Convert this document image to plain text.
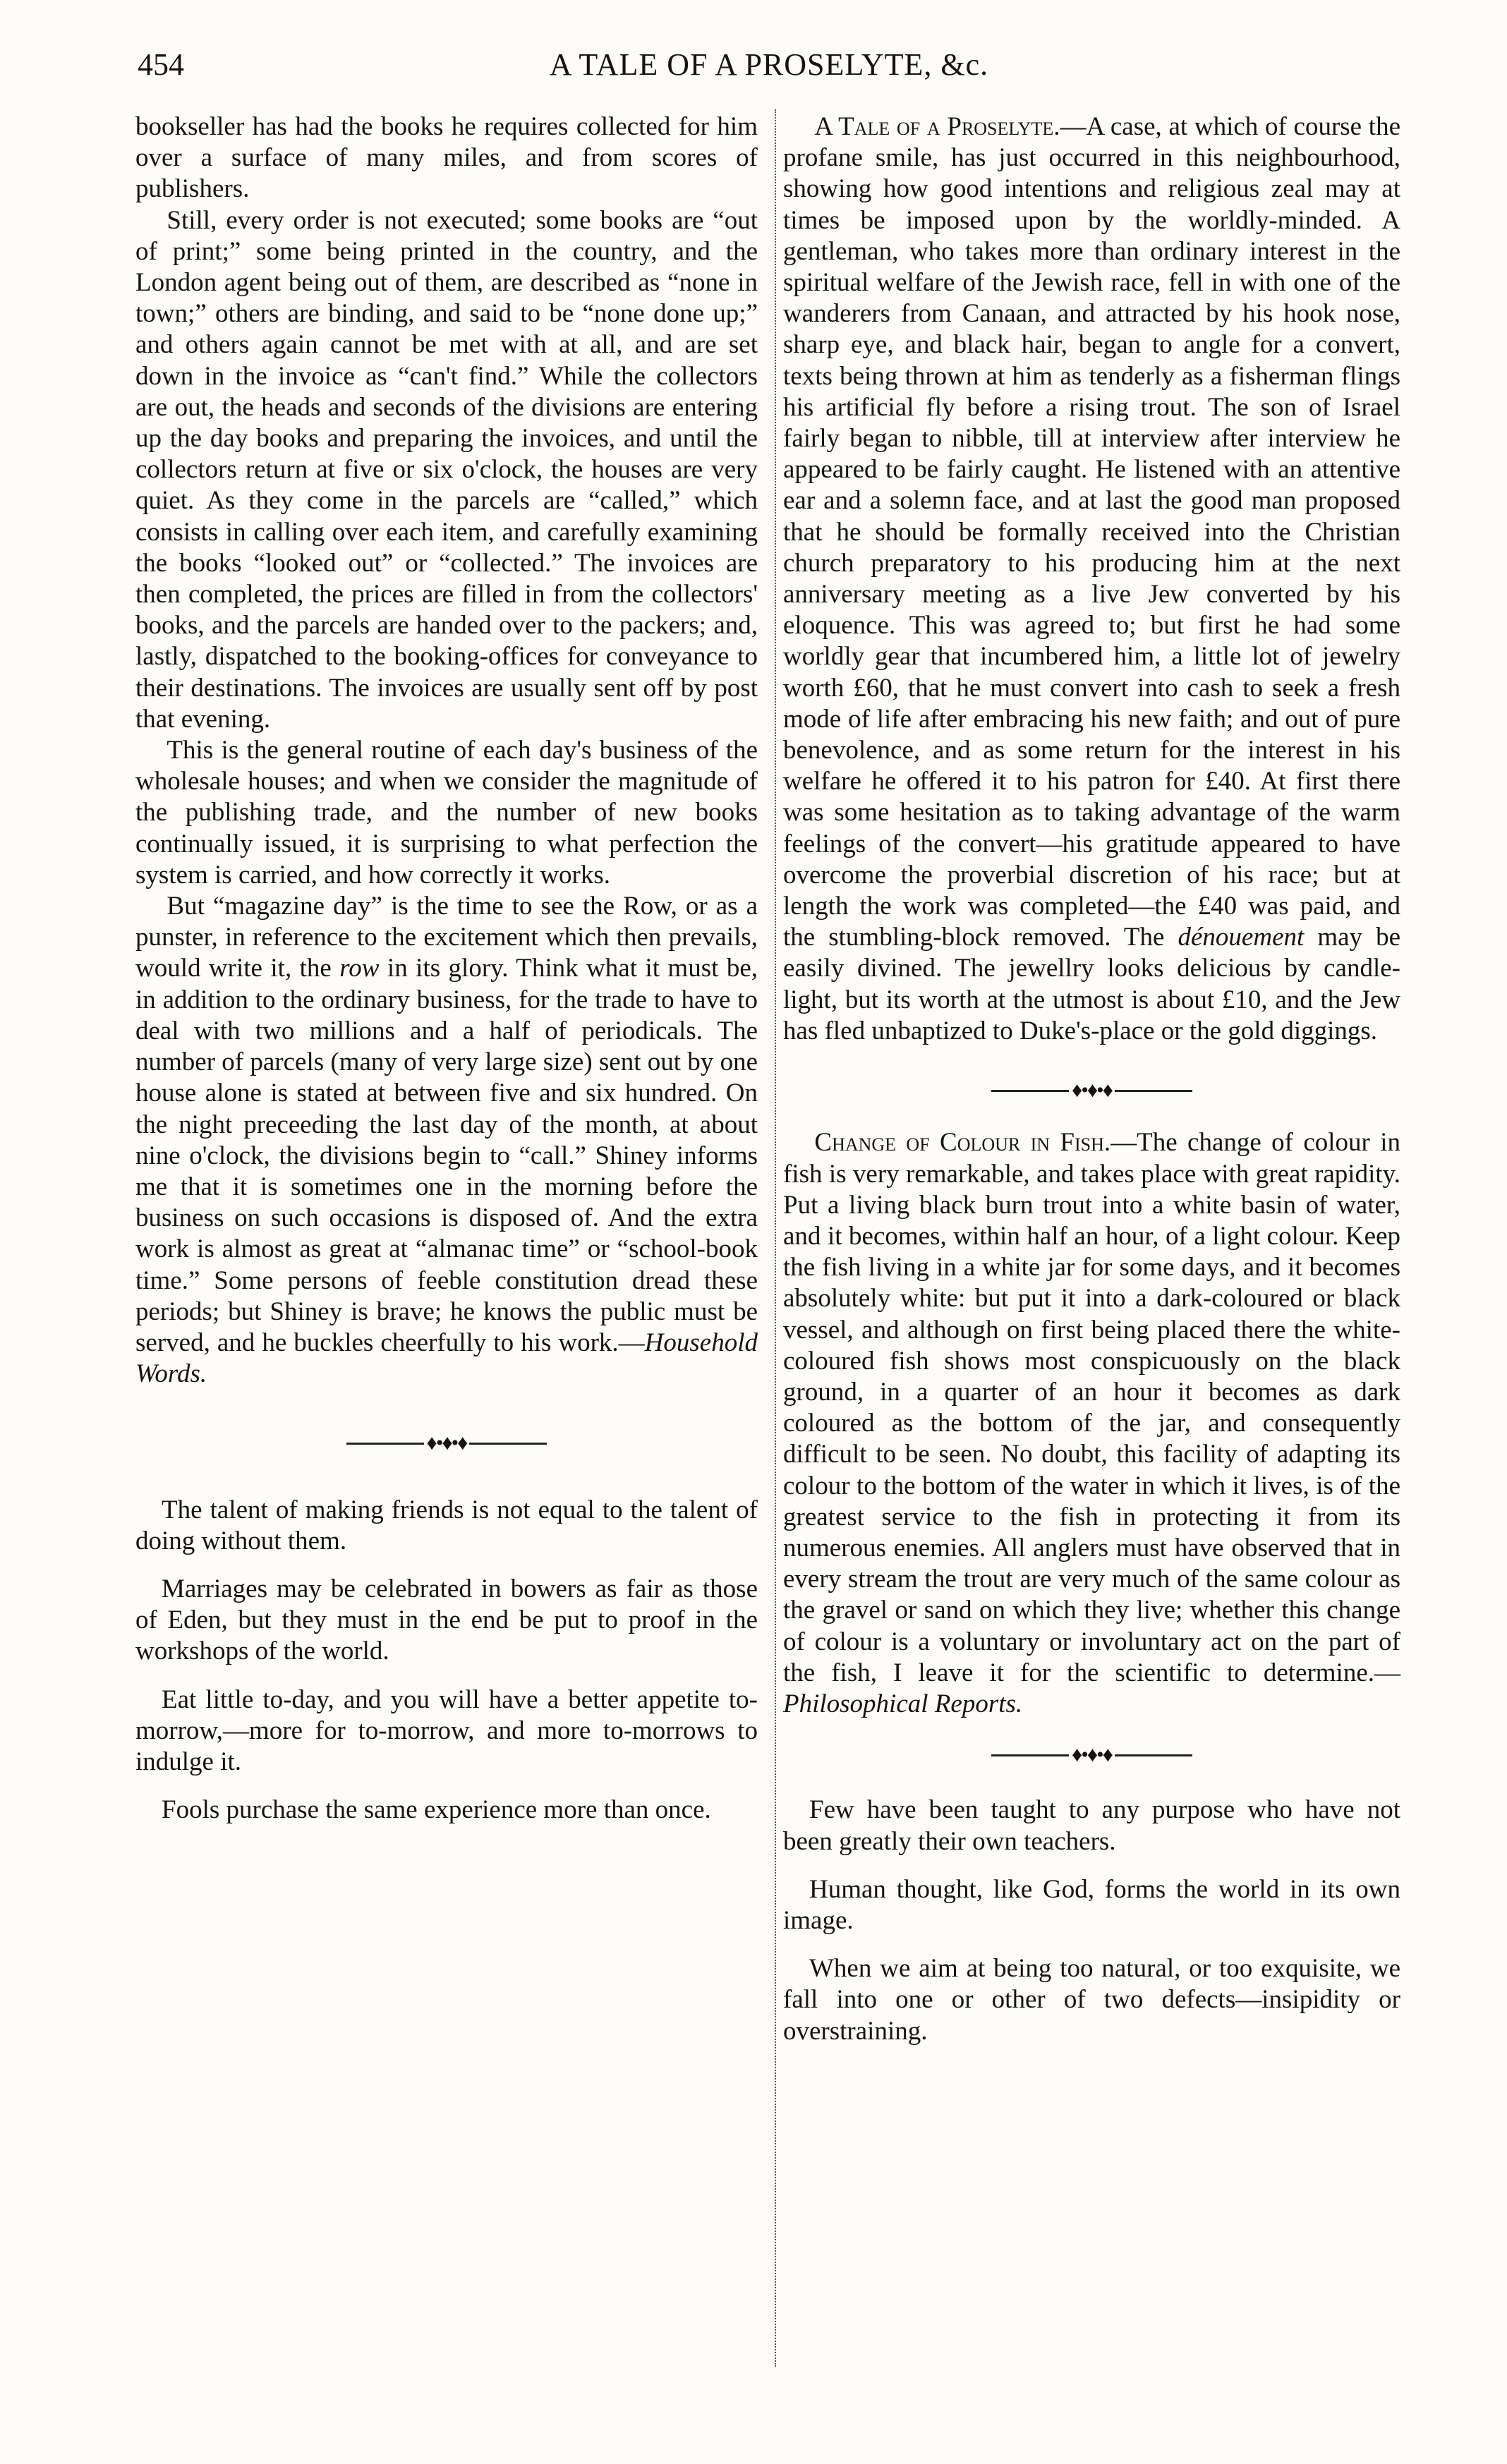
454	A TALE OF A PROSELYTE, &c.

bookseller has had the books he requires collected for him over a surface of many miles, and from scores of publishers.

Still, every order is not executed; some books are “out of print;” some being printed in the country, and the London agent being out of them, are described as “none in town;” others are binding, and said to be “none done up;” and others again cannot be met with at all, and are set down in the invoice as “can't find.” While the collectors are out, the heads and seconds of the divisions are entering up the day books and preparing the invoices, and until the collectors return at five or six o'clock, the houses are very quiet. As they come in the parcels are “called,” which consists in calling over each item, and carefully examining the books “looked out” or “collected.” The invoices are then completed, the prices are filled in from the collectors' books, and the parcels are handed over to the packers; and, lastly, dispatched to the booking-offices for conveyance to their destinations. The invoices are usually sent off by post that evening.

This is the general routine of each day's business of the wholesale houses; and when we consider the magnitude of the publishing trade, and the number of new books continually issued, it is surprising to what perfection the system is carried, and how correctly it works.

But “magazine day” is the time to see the Row, or as a punster, in reference to the excitement which then prevails, would write it, the row in its glory. Think what it must be, in addition to the ordinary business, for the trade to have to deal with two millions and a half of periodicals. The number of parcels (many of very large size) sent out by one house alone is stated at between five and six hundred. On the night preceeding the last day of the month, at about nine o'clock, the divisions begin to “call.” Shiney informs me that it is sometimes one in the morning before the business on such occasions is disposed of. And the extra work is almost as great at “almanac time” or “school-book time.” Some persons of feeble constitution dread these periods; but Shiney is brave; he knows the public must be served, and he buckles cheerfully to his work.—Household Words.

♦•♦•♦

The talent of making friends is not equal to the talent of doing without them.

Marriages may be celebrated in bowers as fair as those of Eden, but they must in the end be put to proof in the workshops of the world.

Eat little to-day, and you will have a better appetite to-morrow,—more for to-morrow, and more to-morrows to indulge it.

Fools purchase the same experience more than once.

A Tale of a Proselyte.—A case, at which of course the profane smile, has just occurred in this neighbourhood, showing how good intentions and religious zeal may at times be imposed upon by the worldly-minded. A gentleman, who takes more than ordinary interest in the spiritual welfare of the Jewish race, fell in with one of the wanderers from Canaan, and attracted by his hook nose, sharp eye, and black hair, began to angle for a convert, texts being thrown at him as tenderly as a fisherman flings his artificial fly before a rising trout. The son of Israel fairly began to nibble, till at interview after interview he appeared to be fairly caught. He listened with an attentive ear and a solemn face, and at last the good man proposed that he should be formally received into the Christian church preparatory to his producing him at the next anniversary meeting as a live Jew converted by his eloquence. This was agreed to; but first he had some worldly gear that incumbered him, a little lot of jewelry worth £60, that he must convert into cash to seek a fresh mode of life after embracing his new faith; and out of pure benevolence, and as some return for the interest in his welfare he offered it to his patron for £40. At first there was some hesitation as to taking advantage of the warm feelings of the convert—his gratitude appeared to have overcome the proverbial discretion of his race; but at length the work was completed—the £40 was paid, and the stumbling-block removed. The dénouement may be easily divined. The jewellry looks delicious by candle-light, but its worth at the utmost is about £10, and the Jew has fled unbaptized to Duke's-place or the gold diggings.

♦•♦•♦

Change of Colour in Fish.—The change of colour in fish is very remarkable, and takes place with great rapidity. Put a living black burn trout into a white basin of water, and it becomes, within half an hour, of a light colour. Keep the fish living in a white jar for some days, and it becomes absolutely white: but put it into a dark-coloured or black vessel, and although on first being placed there the white-coloured fish shows most conspicuously on the black ground, in a quarter of an hour it becomes as dark coloured as the bottom of the jar, and consequently difficult to be seen. No doubt, this facility of adapting its colour to the bottom of the water in which it lives, is of the greatest service to the fish in protecting it from its numerous enemies. All anglers must have observed that in every stream the trout are very much of the same colour as the gravel or sand on which they live; whether this change of colour is a voluntary or involuntary act on the part of the fish, I leave it for the scientific to determine.—Philosophical Reports.

♦•♦•♦

Few have been taught to any purpose who have not been greatly their own teachers.

Human thought, like God, forms the world in its own image.

When we aim at being too natural, or too exquisite, we fall into one or other of two defects—insipidity or overstraining.
